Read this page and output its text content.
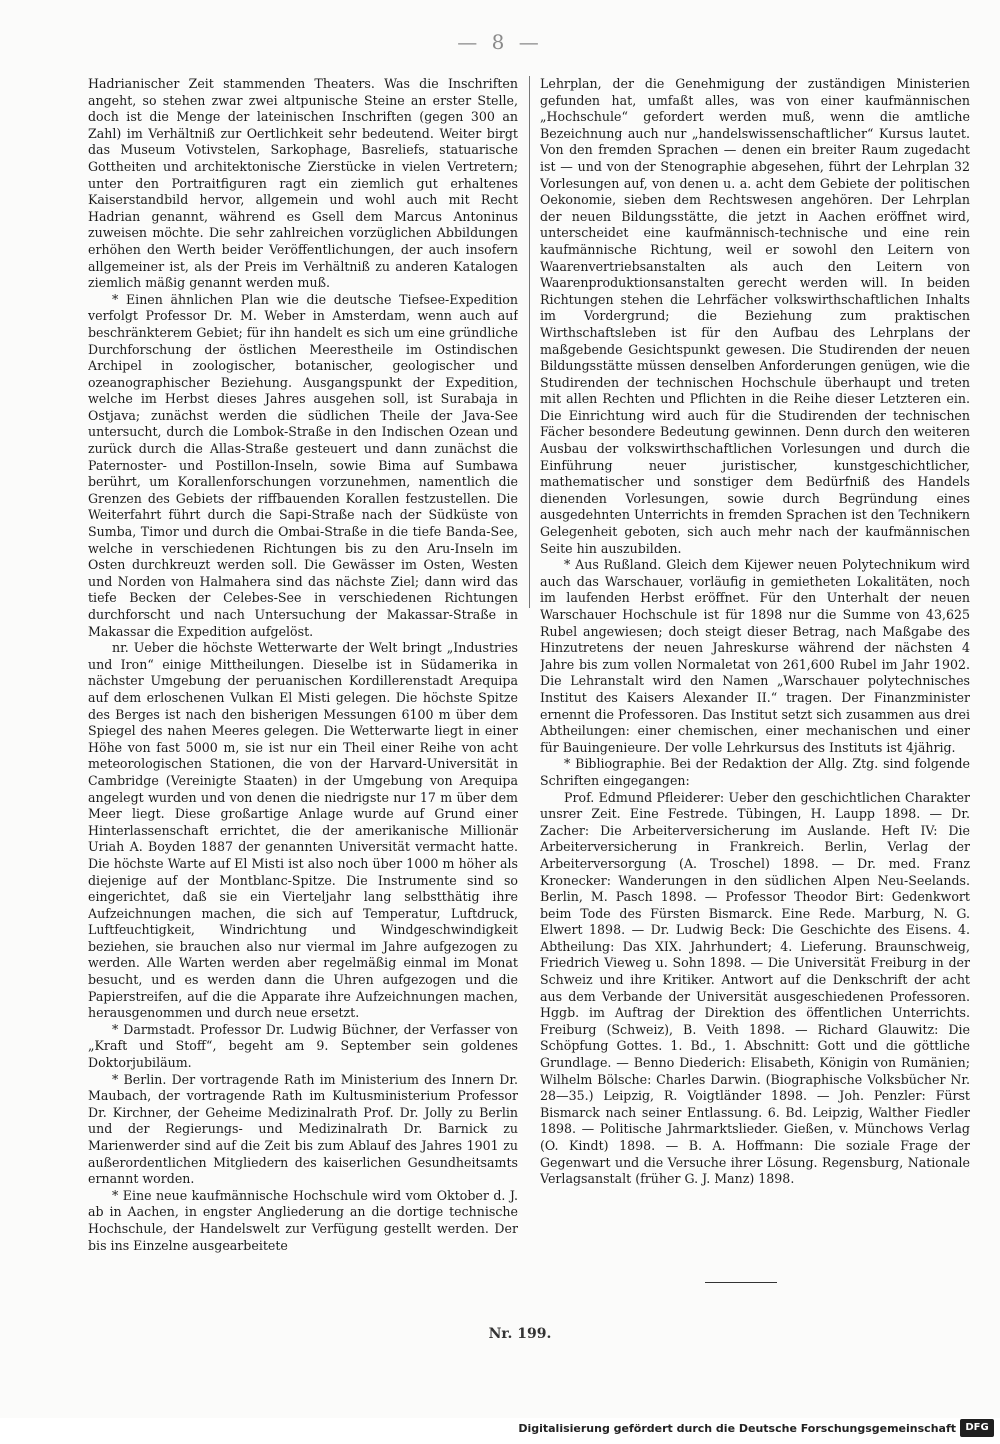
— 8 —

Hadrianischer Zeit stammenden Theaters. Was die Inschriften angeht, so stehen zwar zwei altpunische Steine an erster Stelle, doch ist die Menge der lateinischen Inschriften (gegen 300 an Zahl) im Verhältniß zur Oertlichkeit sehr bedeutend. Weiter birgt das Museum Votivstelen, Sarkophage, Basreliefs, statuarische Gottheiten und architektonische Zierstücke in vielen Vertretern; unter den Portraitfiguren ragt ein ziemlich gut erhaltenes Kaiserstandbild hervor, allgemein und wohl auch mit Recht Hadrian genannt, während es Gsell dem Marcus Antoninus zuweisen möchte. Die sehr zahlreichen vorzüglichen Abbildungen erhöhen den Werth beider Veröffentlichungen, der auch insofern allgemeiner ist, als der Preis im Verhältniß zu anderen Katalogen ziemlich mäßig genannt werden muß.

* Einen ähnlichen Plan wie die deutsche Tiefsee-Expedition verfolgt Professor Dr. M. Weber in Amsterdam, wenn auch auf beschränkterem Gebiet; für ihn handelt es sich um eine gründliche Durchforschung der östlichen Meerestheile im Ostindischen Archipel in zoologischer, botanischer, geologischer und ozeanographischer Beziehung. Ausgangspunkt der Expedition, welche im Herbst dieses Jahres ausgehen soll, ist Surabaja in Ostjava; zunächst werden die südlichen Theile der Java-See untersucht, durch die Lombok-Straße in den Indischen Ozean und zurück durch die Allas-Straße gesteuert und dann zunächst die Paternoster- und Postillon-Inseln, sowie Bima auf Sumbawa berührt, um Korallenforschungen vorzunehmen, namentlich die Grenzen des Gebiets der riffbauenden Korallen festzustellen. Die Weiterfahrt führt durch die Sapi-Straße nach der Südküste von Sumba, Timor und durch die Ombai-Straße in die tiefe Banda-See, welche in verschiedenen Richtungen bis zu den Aru-Inseln im Osten durchkreuzt werden soll. Die Gewässer im Osten, Westen und Norden von Halmahera sind das nächste Ziel; dann wird das tiefe Becken der Celebes-See in verschiedenen Richtungen durchforscht und nach Untersuchung der Makassar-Straße in Makassar die Expedition aufgelöst.

nr. Ueber die höchste Wetterwarte der Welt bringt „Industries und Iron“ einige Mittheilungen. Dieselbe ist in Südamerika in nächster Umgebung der peruanischen Kordillerenstadt Arequipa auf dem erloschenen Vulkan El Misti gelegen. Die höchste Spitze des Berges ist nach den bisherigen Messungen 6100 m über dem Spiegel des nahen Meeres gelegen. Die Wetterwarte liegt in einer Höhe von fast 5000 m, sie ist nur ein Theil einer Reihe von acht meteorologischen Stationen, die von der Harvard-Universität in Cambridge (Vereinigte Staaten) in der Umgebung von Arequipa angelegt wurden und von denen die niedrigste nur 17 m über dem Meer liegt. Diese großartige Anlage wurde auf Grund einer Hinterlassenschaft errichtet, die der amerikanische Millionär Uriah A. Boyden 1887 der genannten Universität vermacht hatte. Die höchste Warte auf El Misti ist also noch über 1000 m höher als diejenige auf der Montblanc-Spitze. Die Instrumente sind so eingerichtet, daß sie ein Vierteljahr lang selbstthätig ihre Aufzeichnungen machen, die sich auf Temperatur, Luftdruck, Luftfeuchtigkeit, Windrichtung und Windgeschwindigkeit beziehen, sie brauchen also nur viermal im Jahre aufgezogen zu werden. Alle Warten werden aber regelmäßig einmal im Monat besucht, und es werden dann die Uhren aufgezogen und die Papierstreifen, auf die die Apparate ihre Aufzeichnungen machen, herausgenommen und durch neue ersetzt.

* Darmstadt. Professor Dr. Ludwig Büchner, der Verfasser von „Kraft und Stoff“, begeht am 9. September sein goldenes Doktorjubiläum.

* Berlin. Der vortragende Rath im Ministerium des Innern Dr. Maubach, der vortragende Rath im Kultusministerium Professor Dr. Kirchner, der Geheime Medizinalrath Prof. Dr. Jolly zu Berlin und der Regierungs- und Medizinalrath Dr. Barnick zu Marienwerder sind auf die Zeit bis zum Ablauf des Jahres 1901 zu außerordentlichen Mitgliedern des kaiserlichen Gesundheitsamts ernannt worden.

* Eine neue kaufmännische Hochschule wird vom Oktober d. J. ab in Aachen, in engster Angliederung an die dortige technische Hochschule, der Handelswelt zur Verfügung gestellt werden. Der bis ins Einzelne ausgearbeitete

Lehrplan, der die Genehmigung der zuständigen Ministerien gefunden hat, umfaßt alles, was von einer kaufmännischen „Hochschule“ gefordert werden muß, wenn die amtliche Bezeichnung auch nur „handelswissenschaftlicher“ Kursus lautet. Von den fremden Sprachen — denen ein breiter Raum zugedacht ist — und von der Stenographie abgesehen, führt der Lehrplan 32 Vorlesungen auf, von denen u. a. acht dem Gebiete der politischen Oekonomie, sieben dem Rechtswesen angehören. Der Lehrplan der neuen Bildungsstätte, die jetzt in Aachen eröffnet wird, unterscheidet eine kaufmännisch-technische und eine rein kaufmännische Richtung, weil er sowohl den Leitern von Waarenvertriebsanstalten als auch den Leitern von Waarenproduktionsanstalten gerecht werden will. In beiden Richtungen stehen die Lehrfächer volkswirthschaftlichen Inhalts im Vordergrund; die Beziehung zum praktischen Wirthschaftsleben ist für den Aufbau des Lehrplans der maßgebende Gesichtspunkt gewesen. Die Studirenden der neuen Bildungsstätte müssen denselben Anforderungen genügen, wie die Studirenden der technischen Hochschule überhaupt und treten mit allen Rechten und Pflichten in die Reihe dieser Letzteren ein. Die Einrichtung wird auch für die Studirenden der technischen Fächer besondere Bedeutung gewinnen. Denn durch den weiteren Ausbau der volkswirthschaftlichen Vorlesungen und durch die Einführung neuer juristischer, kunstgeschichtlicher, mathematischer und sonstiger dem Bedürfniß des Handels dienenden Vorlesungen, sowie durch Begründung eines ausgedehnten Unterrichts in fremden Sprachen ist den Technikern Gelegenheit geboten, sich auch mehr nach der kaufmännischen Seite hin auszubilden.

* Aus Rußland. Gleich dem Kijewer neuen Polytechnikum wird auch das Warschauer, vorläufig in gemietheten Lokalitäten, noch im laufenden Herbst eröffnet. Für den Unterhalt der neuen Warschauer Hochschule ist für 1898 nur die Summe von 43,625 Rubel angewiesen; doch steigt dieser Betrag, nach Maßgabe des Hinzutretens der neuen Jahreskurse während der nächsten 4 Jahre bis zum vollen Normaletat von 261,600 Rubel im Jahr 1902. Die Lehranstalt wird den Namen „Warschauer polytechnisches Institut des Kaisers Alexander II.“ tragen. Der Finanzminister ernennt die Professoren. Das Institut setzt sich zusammen aus drei Abtheilungen: einer chemischen, einer mechanischen und einer für Bauingenieure. Der volle Lehrkursus des Instituts ist 4jährig.

* Bibliographie. Bei der Redaktion der Allg. Ztg. sind folgende Schriften eingegangen:

Prof. Edmund Pfleiderer: Ueber den geschichtlichen Charakter unsrer Zeit. Eine Festrede. Tübingen, H. Laupp 1898. — Dr. Zacher: Die Arbeiterversicherung im Auslande. Heft IV: Die Arbeiterversicherung in Frankreich. Berlin, Verlag der Arbeiterversorgung (A. Troschel) 1898. — Dr. med. Franz Kronecker: Wanderungen in den südlichen Alpen Neu-Seelands. Berlin, M. Pasch 1898. — Professor Theodor Birt: Gedenkwort beim Tode des Fürsten Bismarck. Eine Rede. Marburg, N. G. Elwert 1898. — Dr. Ludwig Beck: Die Geschichte des Eisens. 4. Abtheilung: Das XIX. Jahrhundert; 4. Lieferung. Braunschweig, Friedrich Vieweg u. Sohn 1898. — Die Universität Freiburg in der Schweiz und ihre Kritiker. Antwort auf die Denkschrift der acht aus dem Verbande der Universität ausgeschiedenen Professoren. Hggb. im Auftrag der Direktion des öffentlichen Unterrichts. Freiburg (Schweiz), B. Veith 1898. — Richard Glauwitz: Die Schöpfung Gottes. 1. Bd., 1. Abschnitt: Gott und die göttliche Grundlage. — Benno Diederich: Elisabeth, Königin von Rumänien; Wilhelm Bölsche: Charles Darwin. (Biographische Volksbücher Nr. 28—35.) Leipzig, R. Voigtländer 1898. — Joh. Penzler: Fürst Bismarck nach seiner Entlassung. 6. Bd. Leipzig, Walther Fiedler 1898. — Politische Jahrmarktslieder. Gießen, v. Münchows Verlag (O. Kindt) 1898. — B. A. Hoffmann: Die soziale Frage der Gegenwart und die Versuche ihrer Lösung. Regensburg, Nationale Verlagsanstalt (früher G. J. Manz) 1898.

Nr. 199.
Digitalisierung gefördert durch die Deutsche Forschungsgemeinschaft DFG
